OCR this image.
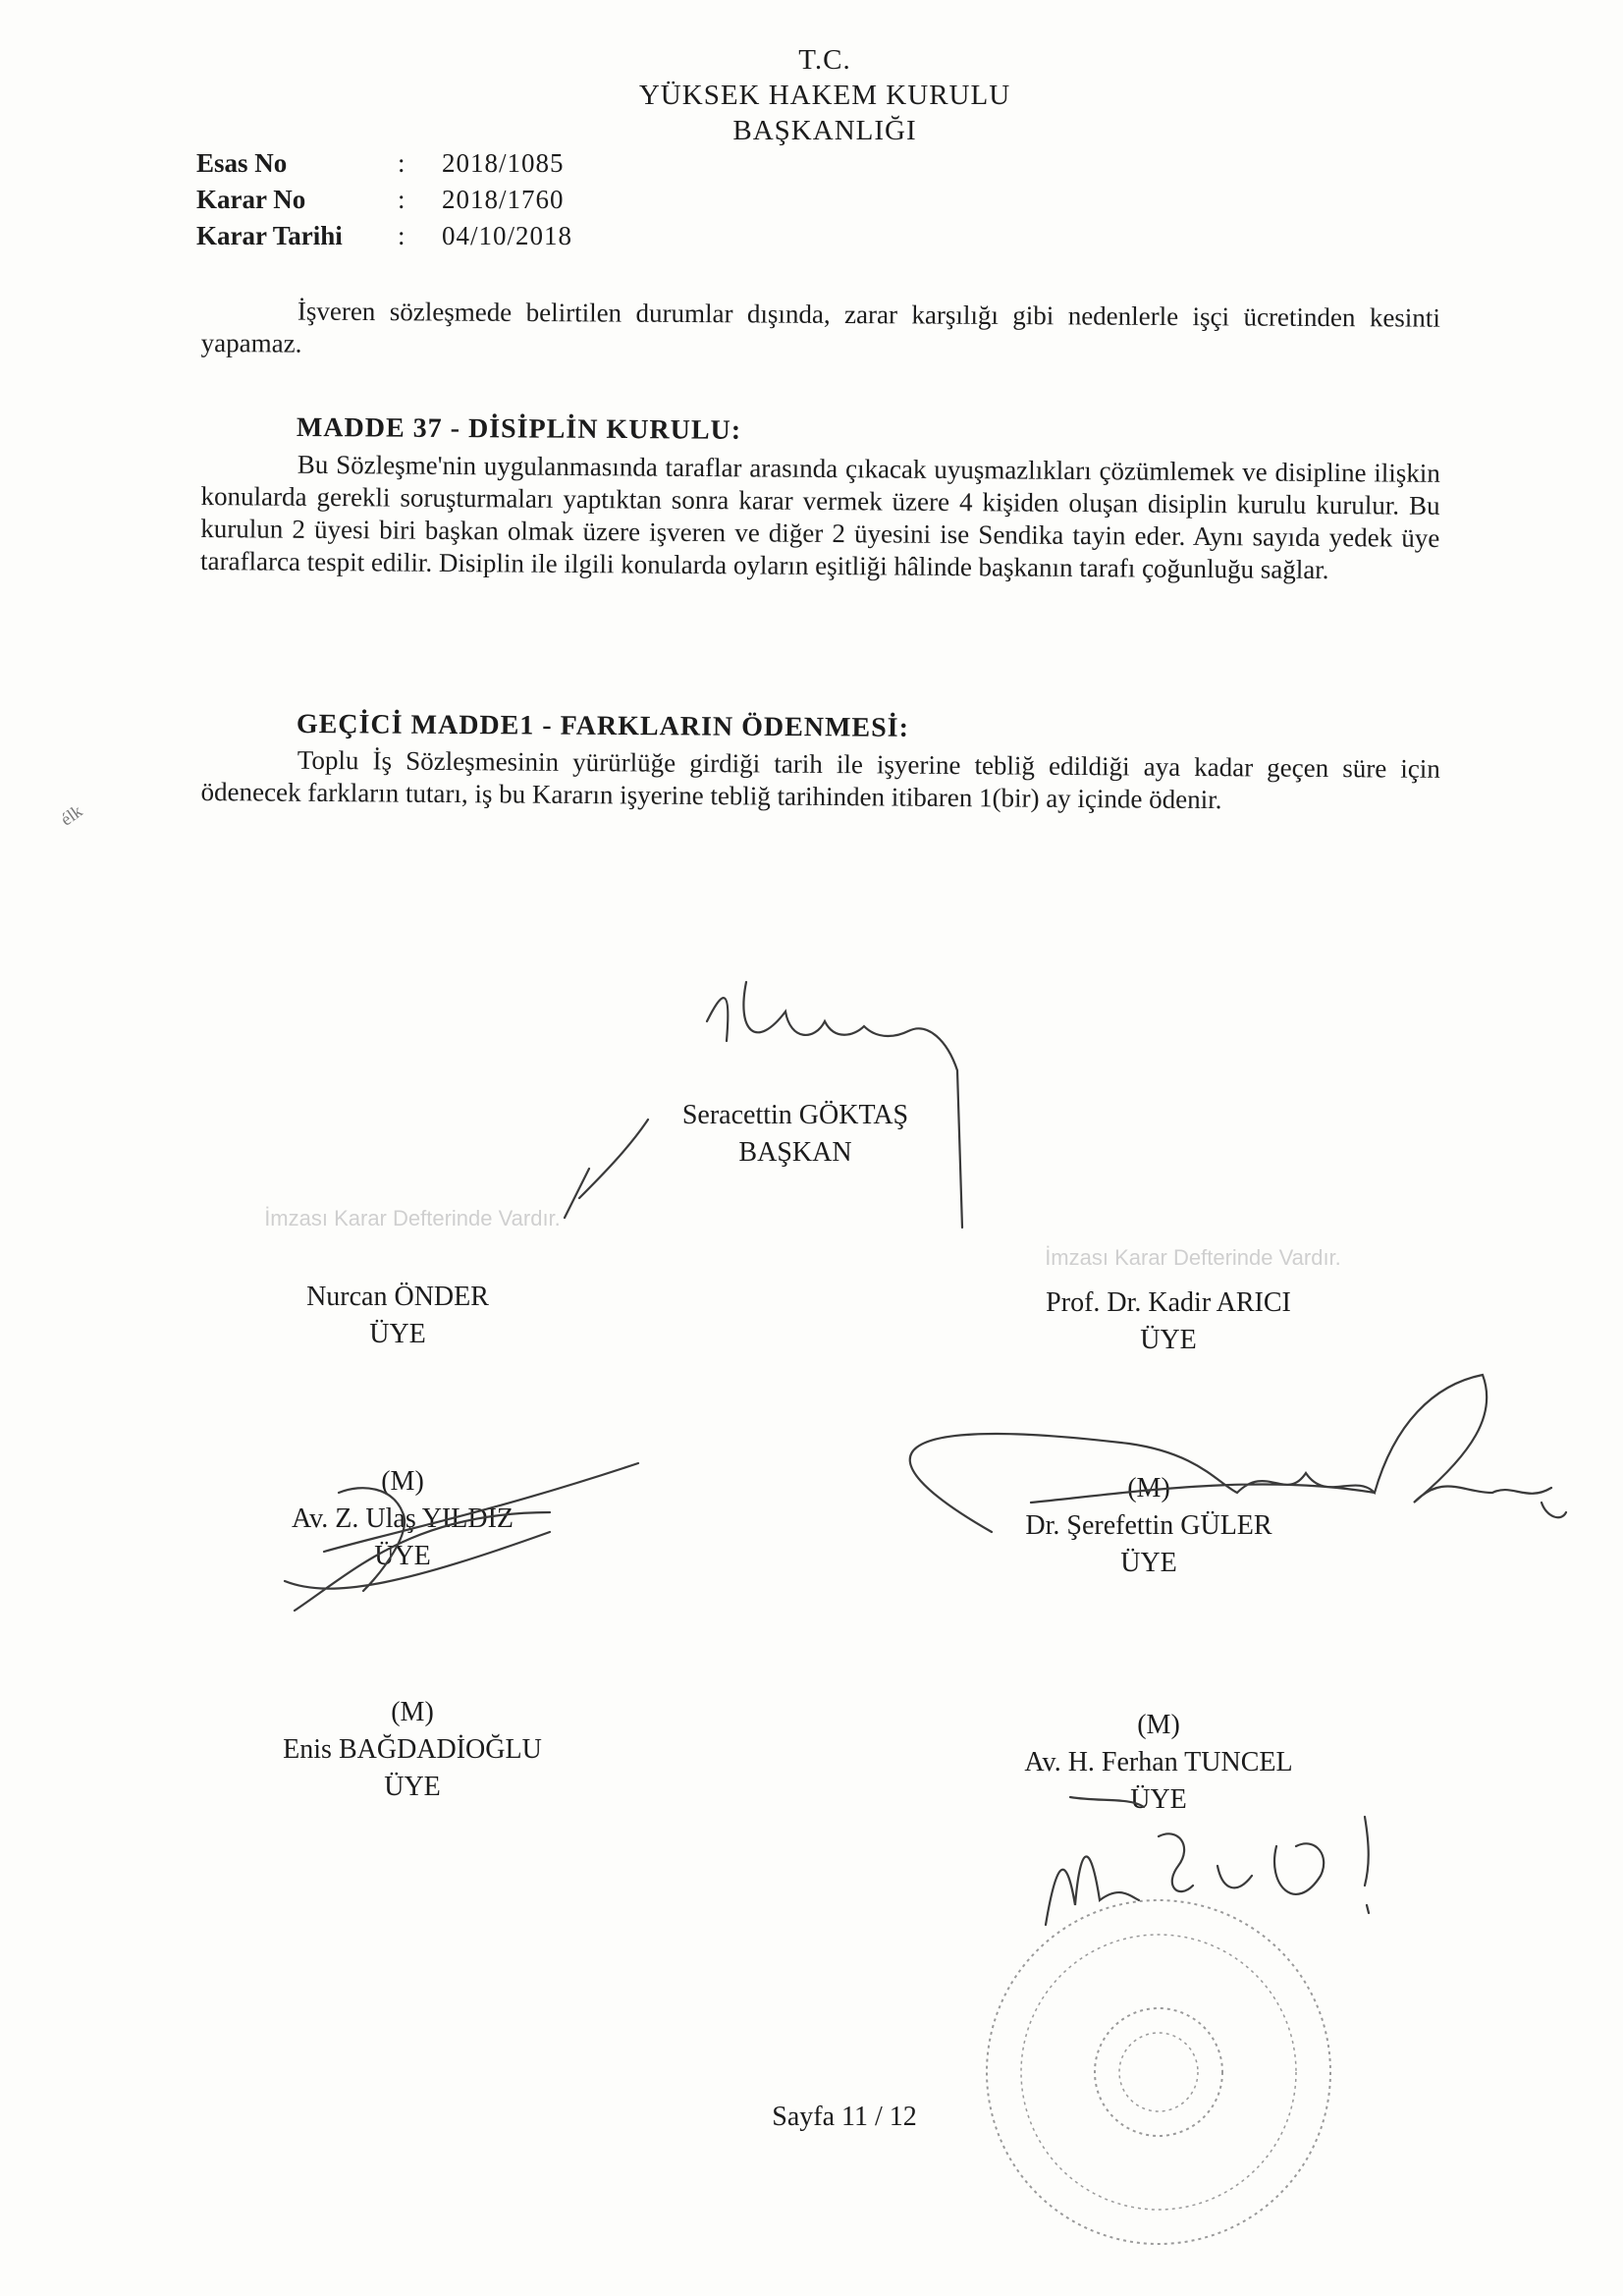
T.C.
YÜKSEK HAKEM KURULU
BAŞKANLIĞI
Esas No	:	2018/1085
Karar No	:	2018/1760
Karar Tarihi	:	04/10/2018
İşveren sözleşmede belirtilen durumlar dışında, zarar karşılığı gibi nedenlerle işçi ücretinden kesinti yapamaz.
MADDE 37 - DİSİPLİN KURULU:
Bu Sözleşme'nin uygulanmasında taraflar arasında çıkacak uyuşmazlıkları çözümlemek ve disipline ilişkin konularda gerekli soruşturmaları yaptıktan sonra karar vermek üzere 4 kişiden oluşan disiplin kurulu kurulur. Bu kurulun 2 üyesi biri başkan olmak üzere işveren ve diğer 2 üyesini ise Sendika tayin eder. Aynı sayıda yedek üye taraflarca tespit edilir. Disiplin ile ilgili konularda oyların eşitliği hâlinde başkanın tarafı çoğunluğu sağlar.
GEÇİCİ MADDE1 - FARKLARIN ÖDENMESİ:
Toplu İş Sözleşmesinin yürürlüğe girdiği tarih ile işyerine tebliğ edildiği aya kadar geçen süre için ödenecek farkların tutarı, iş bu Kararın işyerine tebliğ tarihinden itibaren 1(bir) ay içinde ödenir.
élk
İmzası Karar Defterinde Vardır.
İmzası Karar Defterinde Vardır.
Seracettin GÖKTAŞ
BAŞKAN
Nurcan ÖNDER
ÜYE
Prof. Dr. Kadir ARICI
ÜYE
(M)
Av. Z. Ulaş YILDIZ
ÜYE
(M)
Dr. Şerefettin GÜLER
ÜYE
(M)
Enis BAĞDADİOĞLU
ÜYE
(M)
Av. H. Ferhan TUNCEL
ÜYE
Sayfa 11 / 12
